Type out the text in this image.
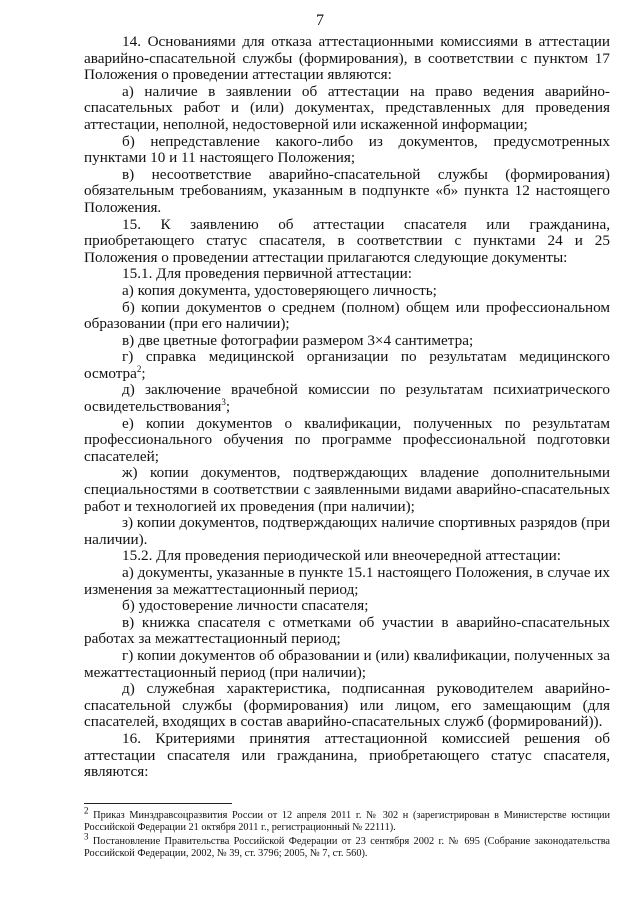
7

14. Основаниями для отказа аттестационными комиссиями в аттестации аварийно-спасательной службы (формирования), в соответствии с пунктом 17 Положения о проведении аттестации являются:

а) наличие в заявлении об аттестации на право ведения аварийно-спасательных работ и (или) документах, представленных для проведения аттестации, неполной, недостоверной или искаженной информации;

б) непредставление какого-либо из документов, предусмотренных пунктами 10 и 11 настоящего Положения;

в) несоответствие аварийно-спасательной службы (формирования) обязательным требованиям, указанным в подпункте «б» пункта 12 настоящего Положения.

15. К заявлению об аттестации спасателя или гражданина, приобретающего статус спасателя, в соответствии с пунктами 24 и 25 Положения о проведении аттестации прилагаются следующие документы:

15.1. Для проведения первичной аттестации:

а) копия документа, удостоверяющего личность;

б) копии документов о среднем (полном) общем или профессиональном образовании (при его наличии);

в) две цветные фотографии размером 3×4 сантиметра;

г) справка медицинской организации по результатам медицинского осмотра$^2$;

д) заключение врачебной комиссии по результатам психиатрического освидетельствования$^3$;

е) копии документов о квалификации, полученных по результатам профессионального обучения по программе профессиональной подготовки спасателей;

ж) копии документов, подтверждающих владение дополнительными специальностями в соответствии с заявленными видами аварийно-спасательных работ и технологией их проведения (при наличии);

з) копии документов, подтверждающих наличие спортивных разрядов (при наличии).

15.2. Для проведения периодической или внеочередной аттестации:

а) документы, указанные в пункте 15.1 настоящего Положения, в случае их изменения за межаттестационный период;

б) удостоверение личности спасателя;

в) книжка спасателя с отметками об участии в аварийно-спасательных работах за межаттестационный период;

г) копии документов об образовании и (или) квалификации, полученных за межаттестационный период (при наличии);

д) служебная характеристика, подписанная руководителем аварийно-спасательной службы (формирования) или лицом, его замещающим (для спасателей, входящих в состав аварийно-спасательных служб (формирований)).

16. Критериями принятия аттестационной комиссией решения об аттестации спасателя или гражданина, приобретающего статус спасателя, являются:

$^2$ Приказ Минздравсоцразвития России от 12 апреля 2011 г. № 302 н (зарегистрирован в Министерстве юстиции Российской Федерации 21 октября 2011 г., регистрационный № 22111).
$^3$ Постановление Правительства Российской Федерации от 23 сентября 2002 г. № 695 (Собрание законодательства Российской Федерации, 2002, № 39, ст. 3796; 2005, № 7, ст. 560).
